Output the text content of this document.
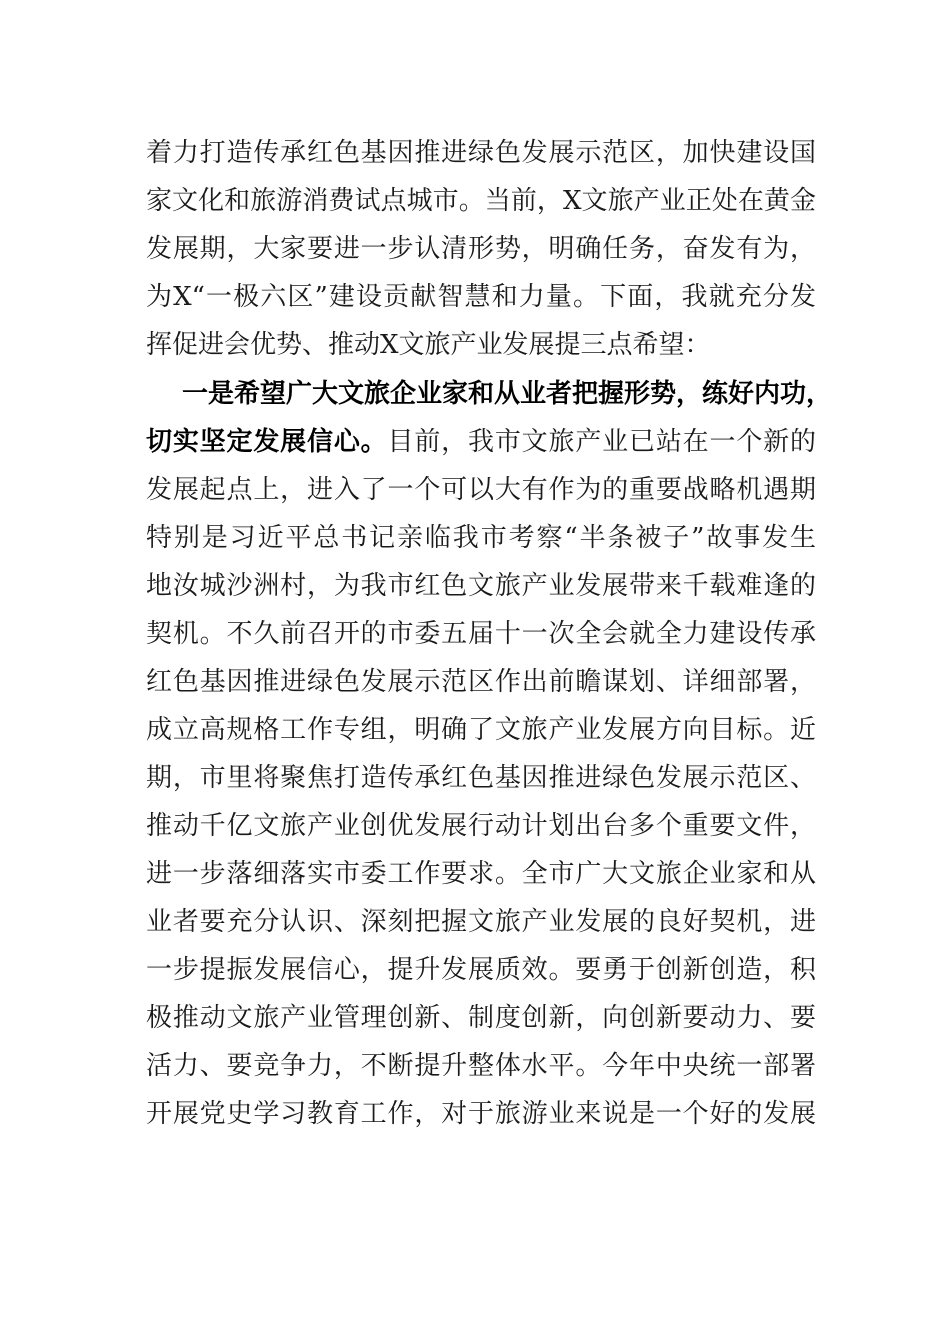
着力打造传承红色基因推进绿色发展示范区，加快建设国
家文化和旅游消费试点城市。当前，X文旅产业正处在黄金
发展期，大家要进一步认清形势，明确任务，奋发有为，
为X“一极六区”建设贡献智慧和力量。下面，我就充分发
挥促进会优势、推动X文旅产业发展提三点希望：
一是希望广大文旅企业家和从业者把握形势，练好内功，
切实坚定发展信心。目前，我市文旅产业已站在一个新的
发展起点上，进入了一个可以大有作为的重要战略机遇期
特别是习近平总书记亲临我市考察“半条被子”故事发生
地汝城沙洲村，为我市红色文旅产业发展带来千载难逢的
契机。不久前召开的市委五届十一次全会就全力建设传承
红色基因推进绿色发展示范区作出前瞻谋划、详细部署，
成立高规格工作专组，明确了文旅产业发展方向目标。近
期，市里将聚焦打造传承红色基因推进绿色发展示范区、
推动千亿文旅产业创优发展行动计划出台多个重要文件，
进一步落细落实市委工作要求。全市广大文旅企业家和从
业者要充分认识、深刻把握文旅产业发展的良好契机，进
一步提振发展信心，提升发展质效。要勇于创新创造，积
极推动文旅产业管理创新、制度创新，向创新要动力、要
活力、要竞争力，不断提升整体水平。今年中央统一部署
开展党史学习教育工作，对于旅游业来说是一个好的发展
